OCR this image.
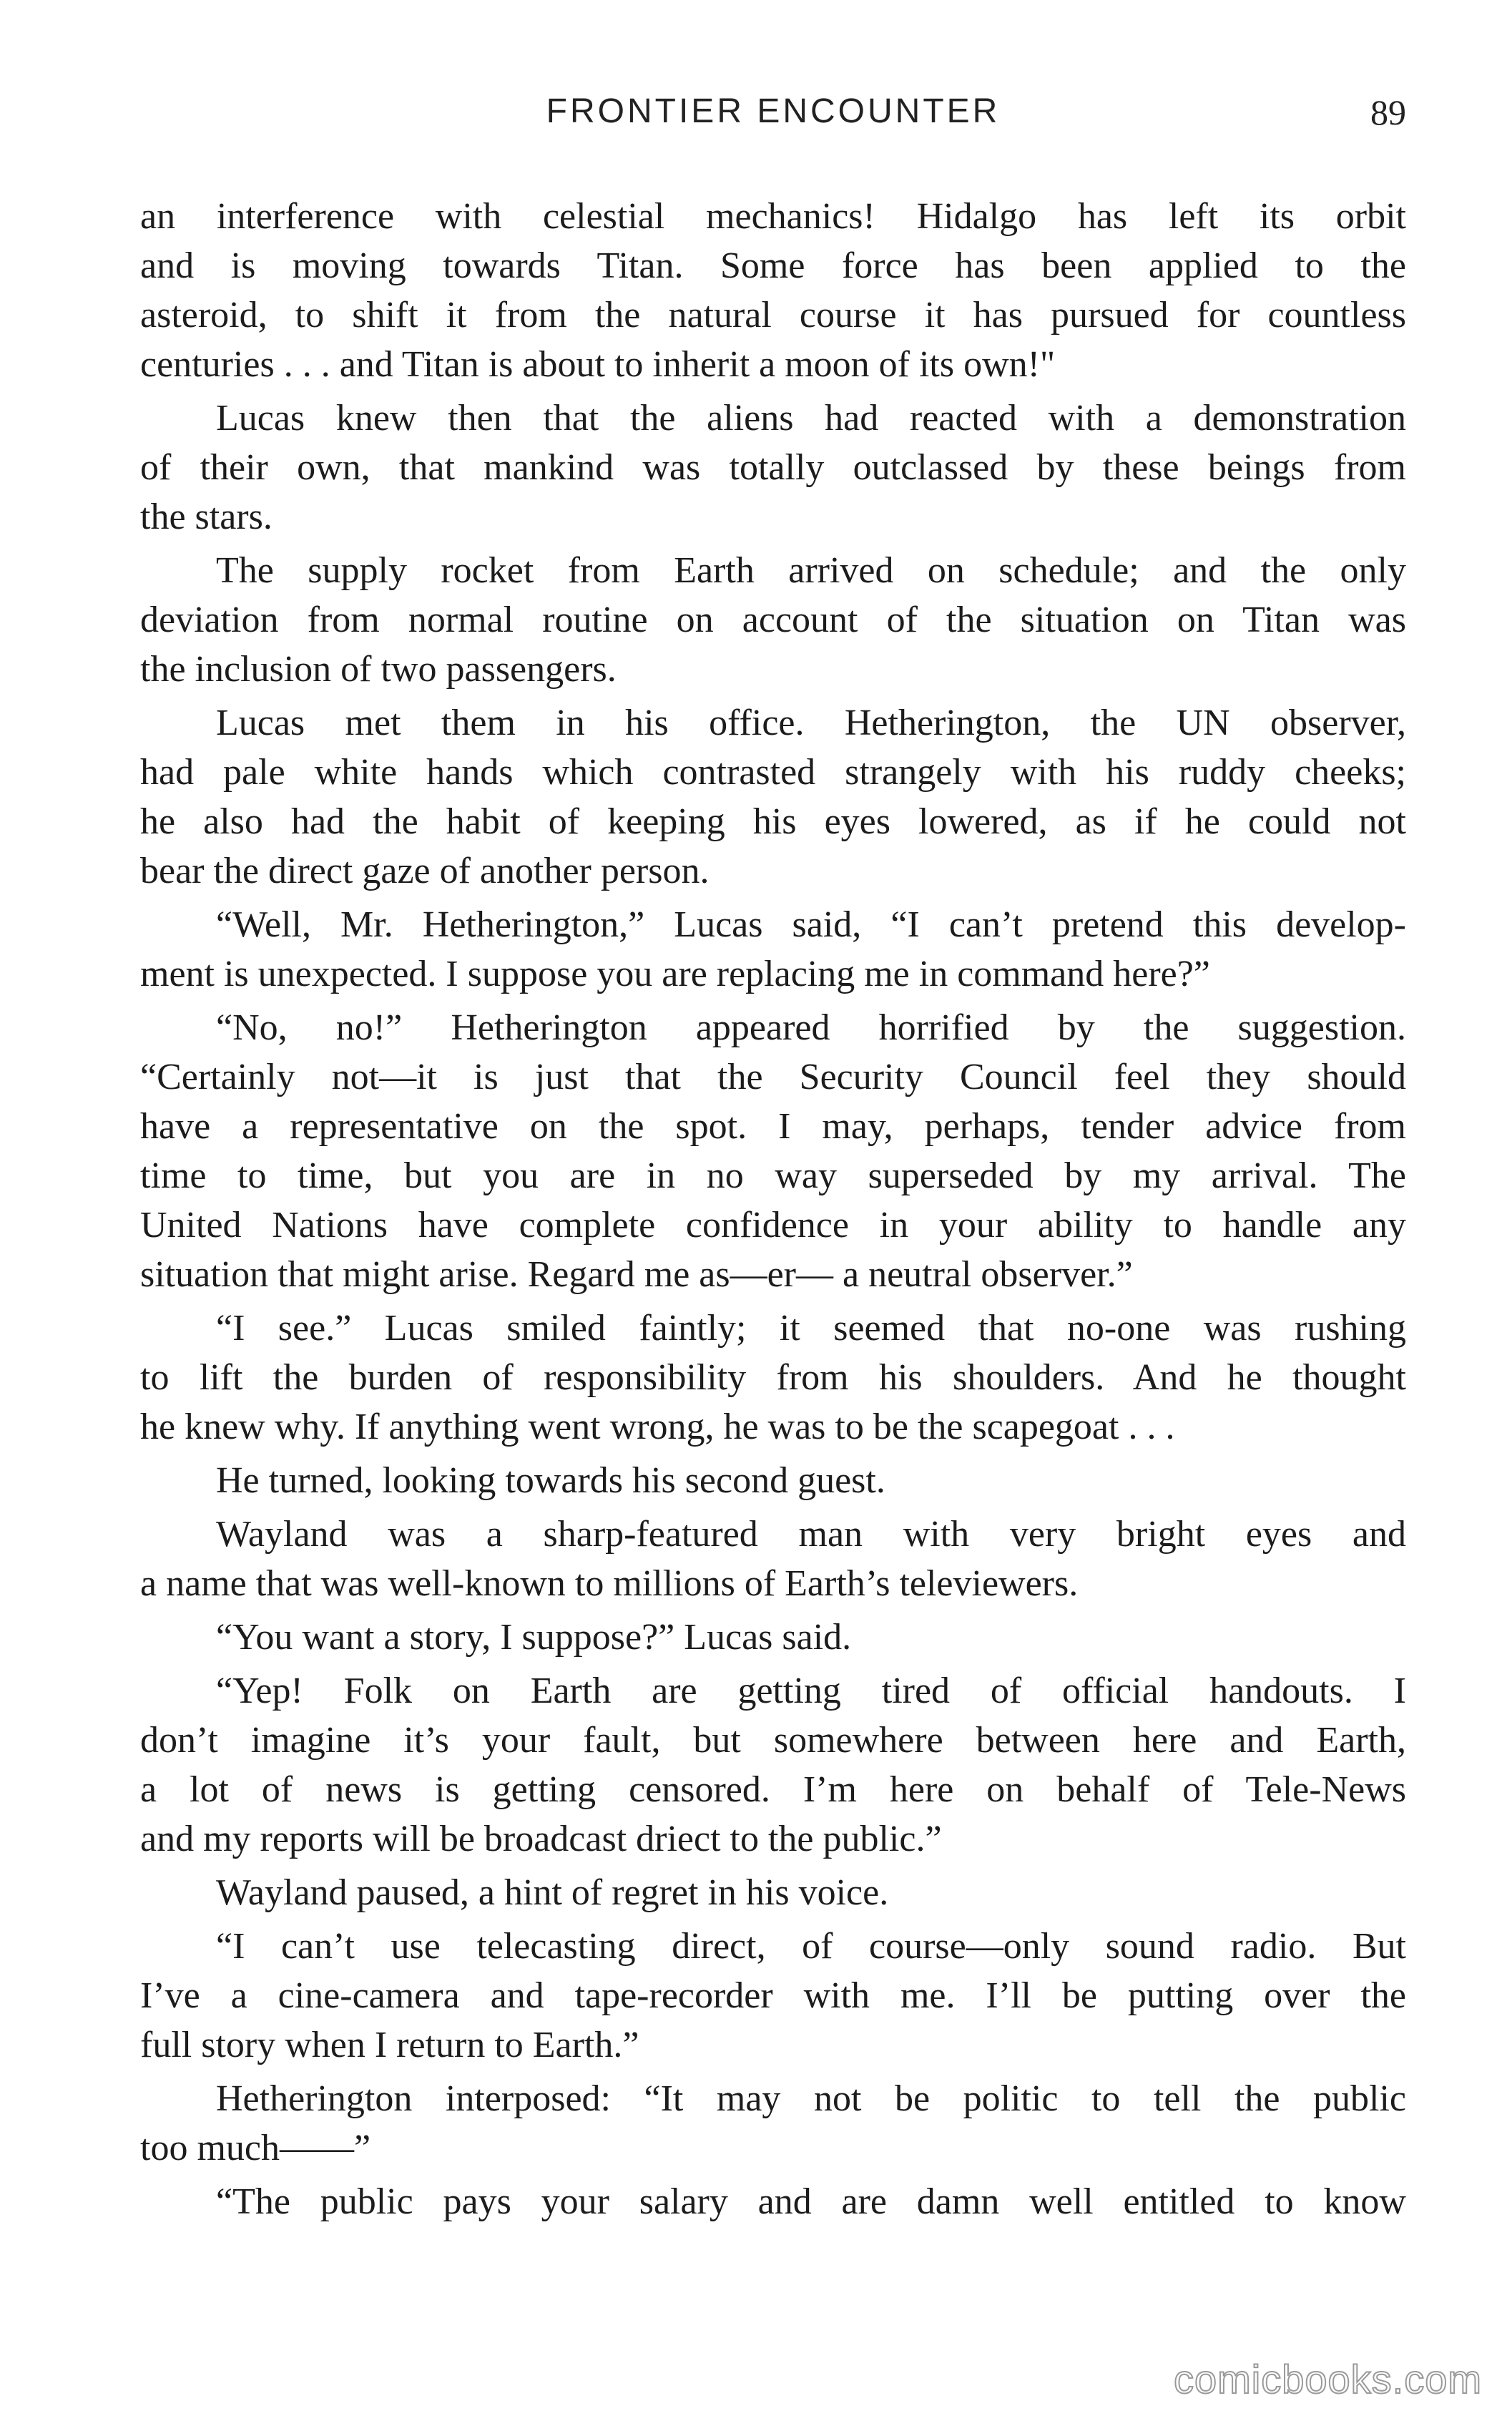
FRONTIER ENCOUNTER	89
an interference with celestial mechanics! Hidalgo has left its orbit
and is moving towards Titan. Some force has been applied to the
asteroid, to shift it from the natural course it has pursued for countless
centuries . . . and Titan is about to inherit a moon of its own!"
Lucas knew then that the aliens had reacted with a demonstration
of their own, that mankind was totally outclassed by these beings from
the stars.
The supply rocket from Earth arrived on schedule; and the only
deviation from normal routine on account of the situation on Titan was
the inclusion of two passengers.
Lucas met them in his office. Hetherington, the UN observer,
had pale white hands which contrasted strangely with his ruddy cheeks;
he also had the habit of keeping his eyes lowered, as if he could not
bear the direct gaze of another person.
“Well, Mr. Hetherington,” Lucas said, “I can’t pretend this develop-
ment is unexpected. I suppose you are replacing me in command here?”
“No, no!” Hetherington appeared horrified by the suggestion.
“Certainly not—it is just that the Security Council feel they should
have a representative on the spot. I may, perhaps, tender advice from
time to time, but you are in no way superseded by my arrival. The
United Nations have complete confidence in your ability to handle any
situation that might arise. Regard me as—er— a neutral observer.”
“I see.” Lucas smiled faintly; it seemed that no-one was rushing
to lift the burden of responsibility from his shoulders. And he thought
he knew why. If anything went wrong, he was to be the scapegoat . . .
He turned, looking towards his second guest.
Wayland was a sharp-featured man with very bright eyes and
a name that was well-known to millions of Earth’s televiewers.
“You want a story, I suppose?” Lucas said.
“Yep! Folk on Earth are getting tired of official handouts. I
don’t imagine it’s your fault, but somewhere between here and Earth,
a lot of news is getting censored. I’m here on behalf of Tele-News
and my reports will be broadcast driect to the public.”
Wayland paused, a hint of regret in his voice.
“I can’t use telecasting direct, of course—only sound radio. But
I’ve a cine-camera and tape-recorder with me. I’ll be putting over the
full story when I return to Earth.”
Hetherington interposed: “It may not be politic to tell the public
too much——”
“The public pays your salary and are damn well entitled to know
comicbooks.com
